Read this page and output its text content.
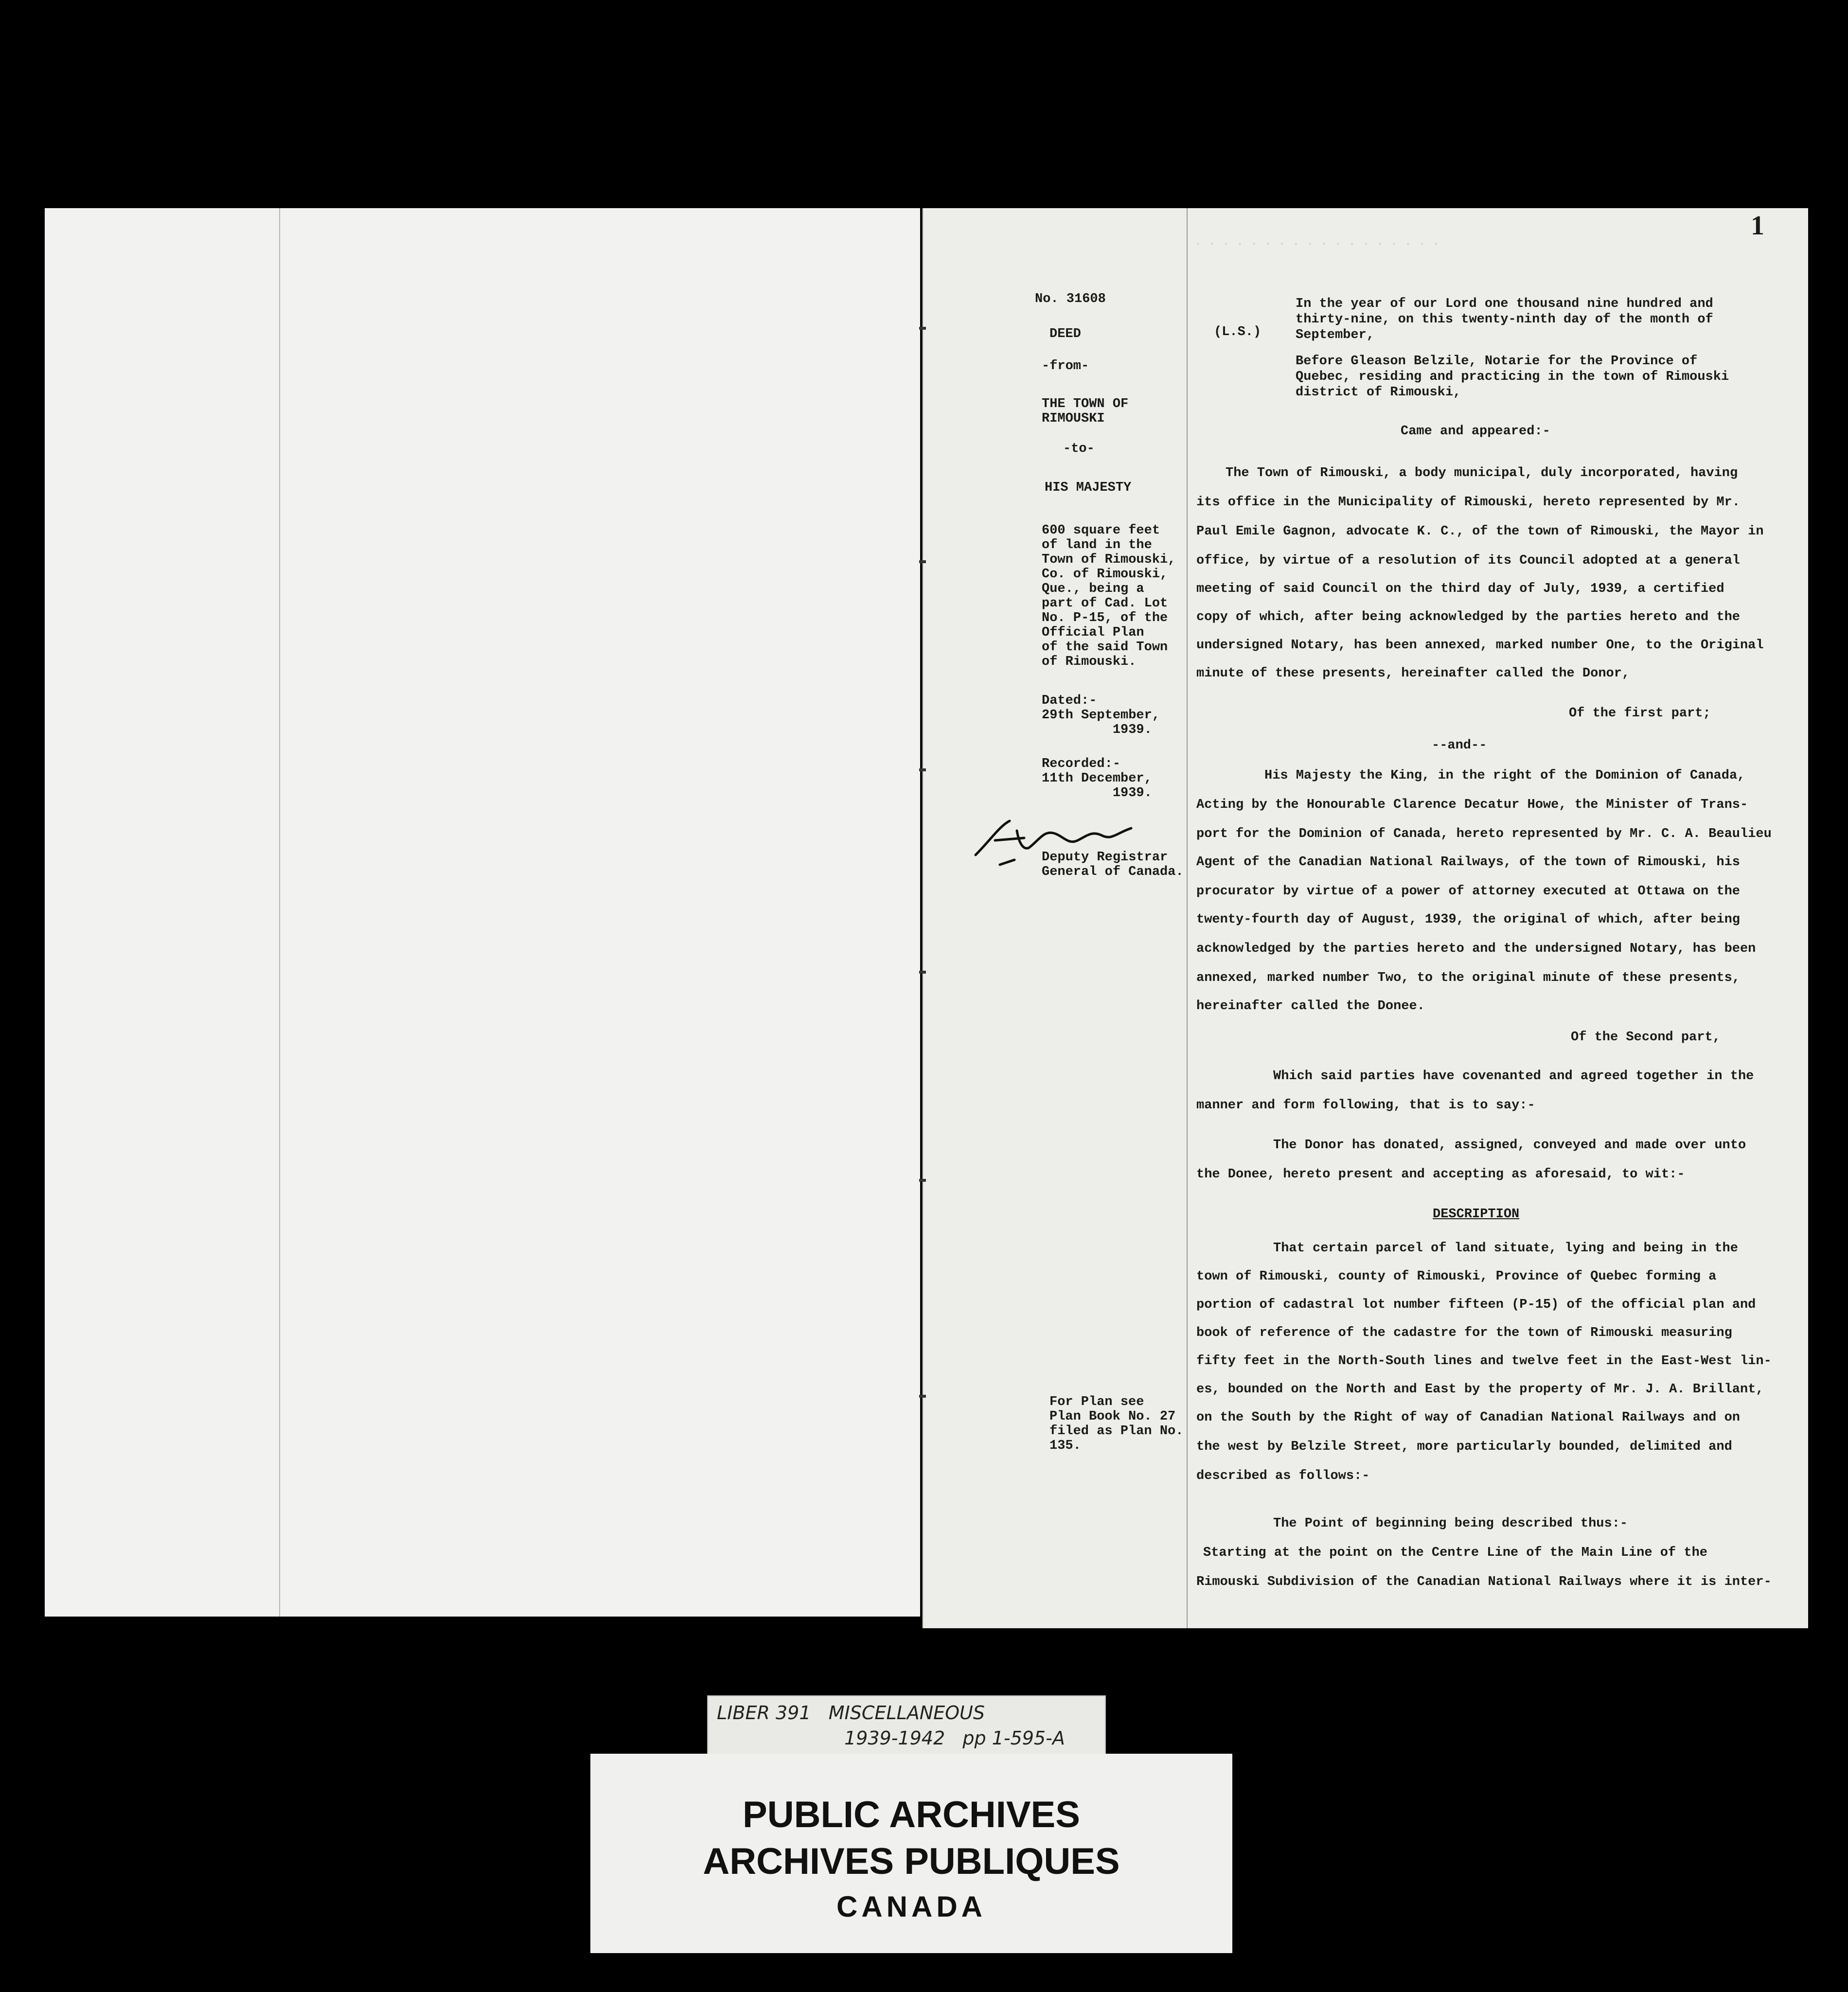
1
. . . . . . . . . . . . . . . . . .
No. 31608
DEED
-from-
THE TOWN OF
RIMOUSKI
-to-
HIS MAJESTY
600 square feet
of land in the
Town of Rimouski,
Co. of Rimouski,
Que., being a
part of Cad. Lot
No. P-15, of the
Official Plan
of the said Town
of Rimouski.
Dated:-
29th September,
1939.
Recorded:-
11th December,
1939.
Deputy Registrar
General of Canada.
For Plan see
Plan Book No. 27
filed as Plan No.
135.
(L.S.)
In the year of our Lord one thousand nine hundred and
thirty-nine, on this twenty-ninth day of the month of
September,
Before Gleason Belzile, Notarie for the Province of
Quebec, residing and practicing in the town of Rimouski
district of Rimouski,
Came and appeared:-
The Town of Rimouski, a body municipal, duly incorporated, having
its office in the Municipality of Rimouski, hereto represented by Mr.
Paul Emile Gagnon, advocate K. C., of the town of Rimouski, the Mayor in
office, by virtue of a resolution of its Council adopted at a general
meeting of said Council on the third day of July, 1939, a certified
copy of which, after being acknowledged by the parties hereto and the
undersigned Notary, has been annexed, marked number One, to the Original
minute of these presents, hereinafter called the Donor,
Of the first part;
--and--
His Majesty the King, in the right of the Dominion of Canada,
Acting by the Honourable Clarence Decatur Howe, the Minister of Trans-
port for the Dominion of Canada, hereto represented by Mr. C. A. Beaulieu
Agent of the Canadian National Railways, of the town of Rimouski, his
procurator by virtue of a power of attorney executed at Ottawa on the
twenty-fourth day of August, 1939, the original of which, after being
acknowledged by the parties hereto and the undersigned Notary, has been
annexed, marked number Two, to the original minute of these presents,
hereinafter called the Donee.
Of the Second part,
Which said parties have covenanted and agreed together in the
manner and form following, that is to say:-
The Donor has donated, assigned, conveyed and made over unto
the Donee, hereto present and accepting as aforesaid, to wit:-
DESCRIPTION
That certain parcel of land situate, lying and being in the
town of Rimouski, county of Rimouski, Province of Quebec forming a
portion of cadastral lot number fifteen (P-15) of the official plan and
book of reference of the cadastre for the town of Rimouski measuring
fifty feet in the North-South lines and twelve feet in the East-West lin-
es, bounded on the North and East by the property of Mr. J. A. Brillant,
on the South by the Right of way of Canadian National Railways and on
the west by Belzile Street, more particularly bounded, delimited and
described as follows:-
The Point of beginning being described thus:-
Starting at the point on the Centre Line of the Main Line of the
Rimouski Subdivision of the Canadian National Railways where it is inter-
LIBER 391   MISCELLANEOUS
1939-1942   pp 1-595-A
PUBLIC ARCHIVES
ARCHIVES PUBLIQUES
CANADA
